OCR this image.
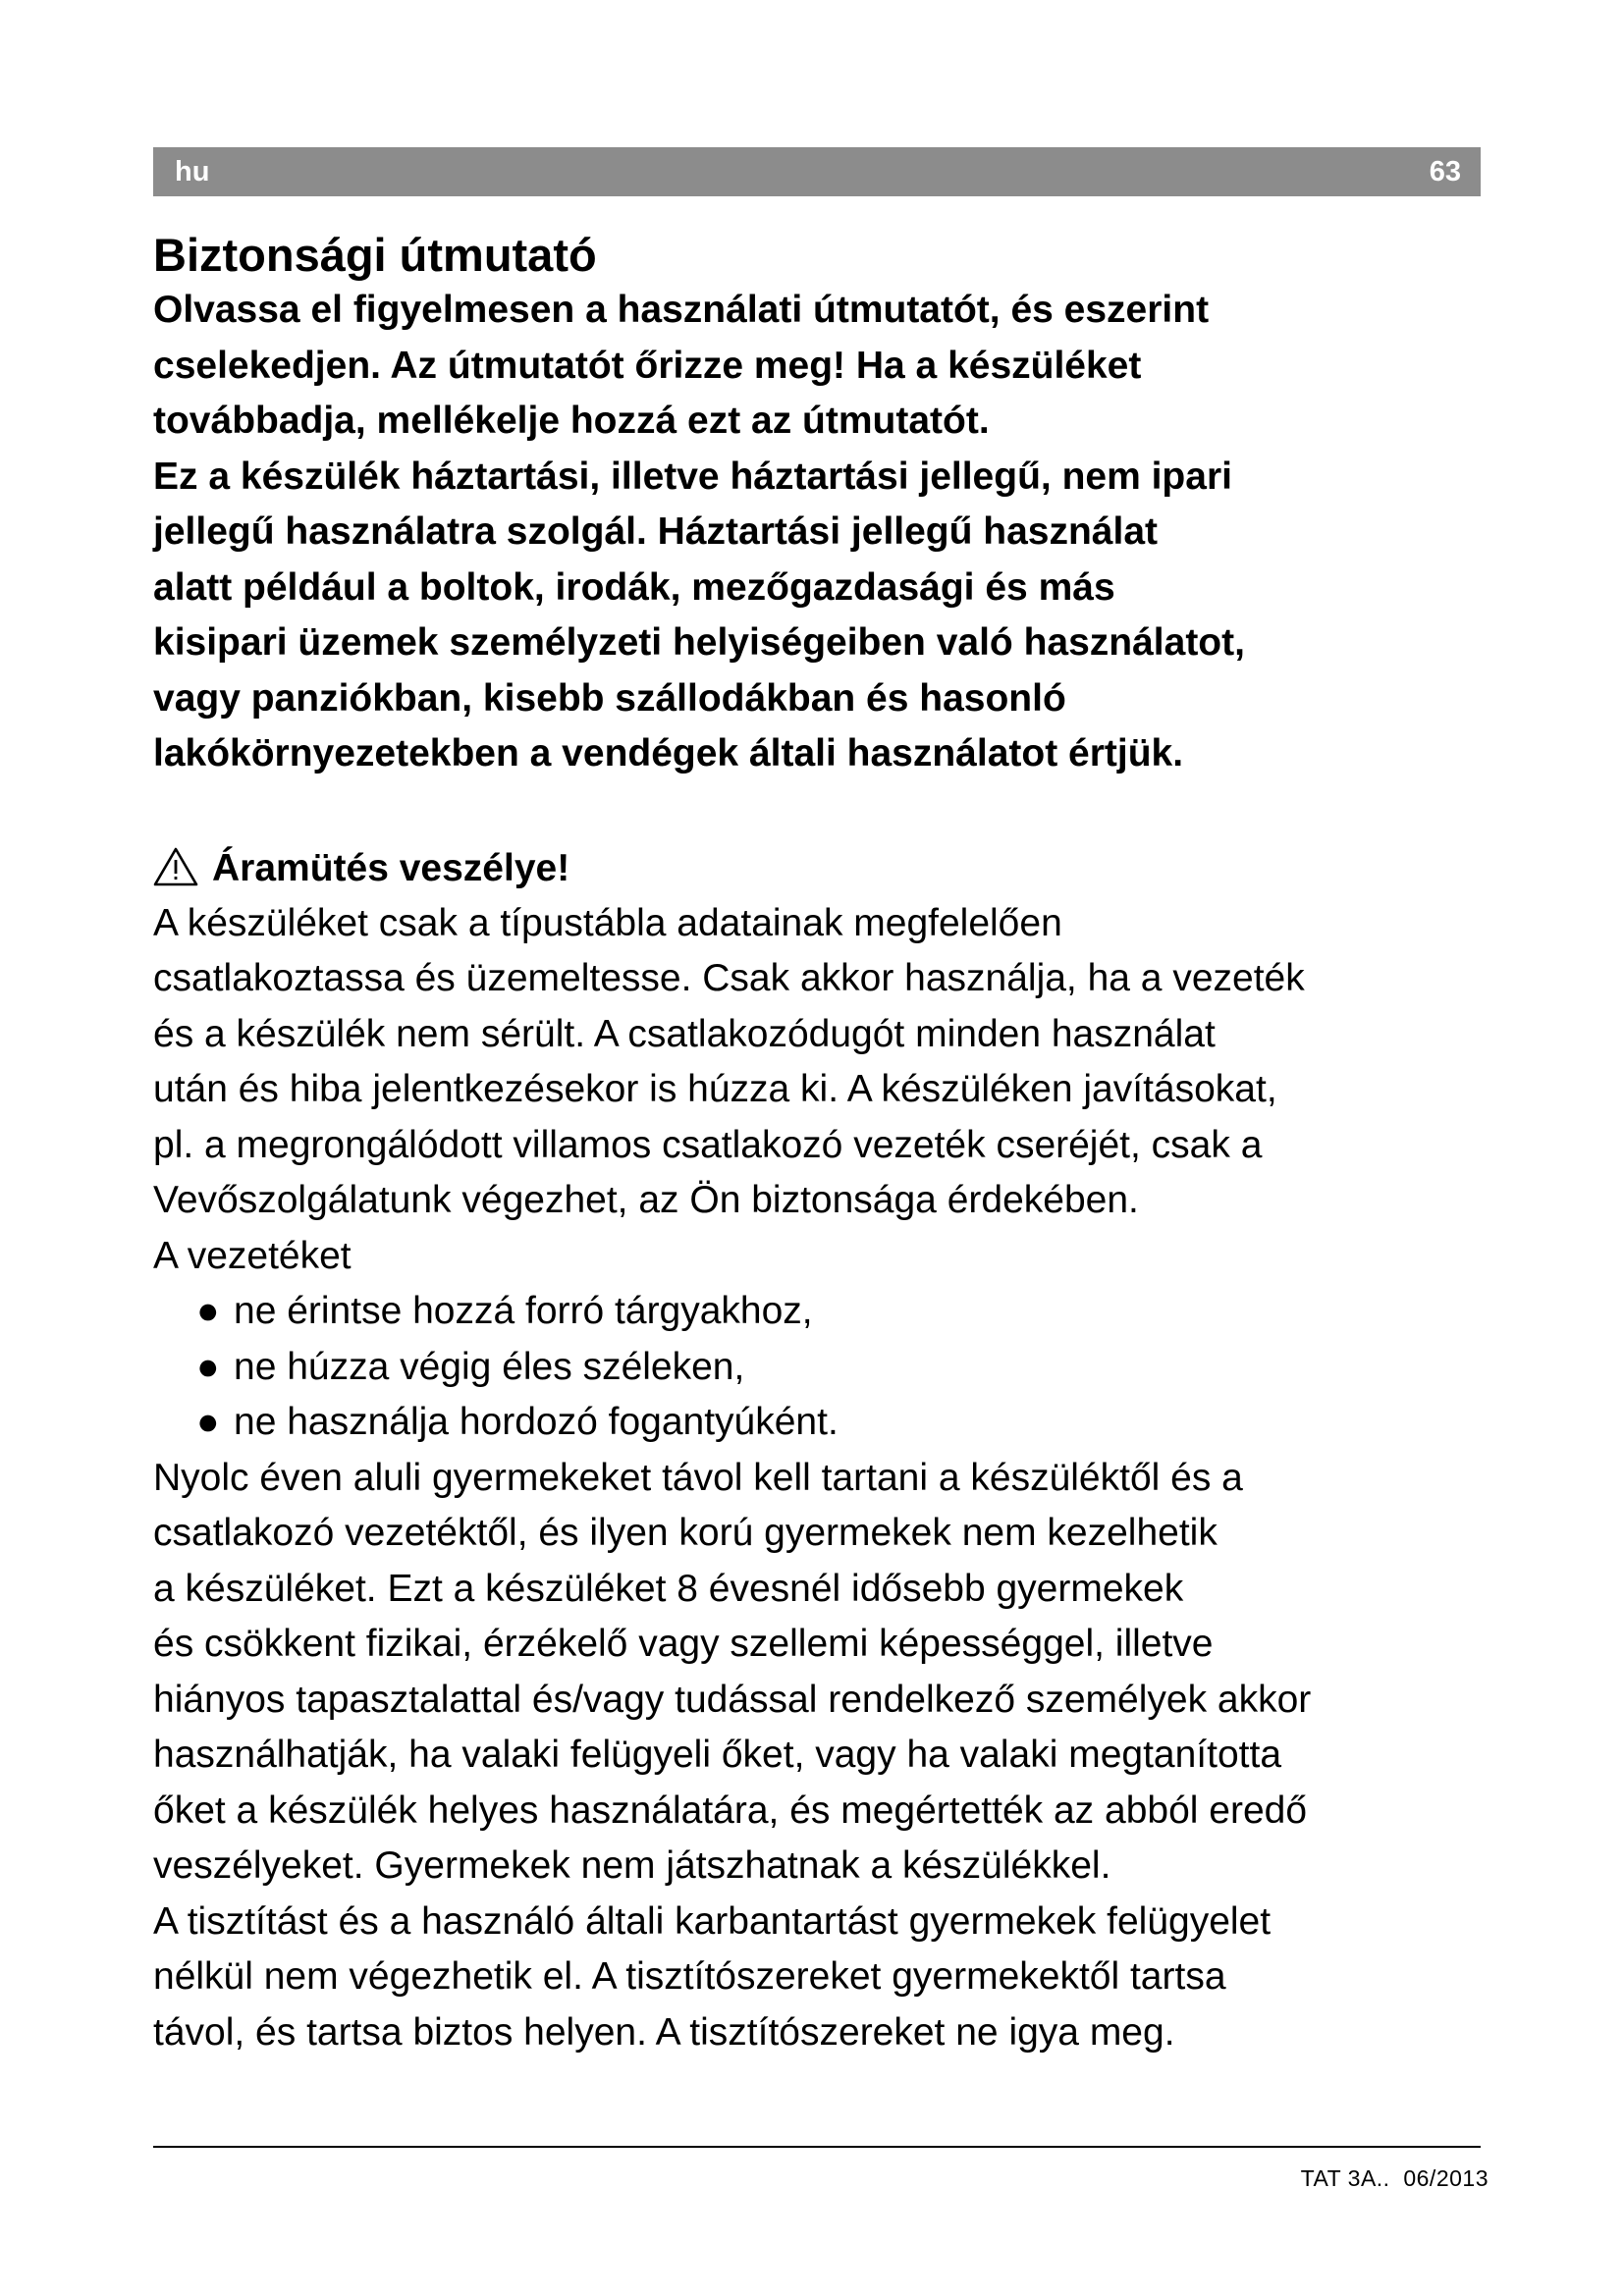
hu	63
Biztonsági útmutató
Olvassa el figyelmesen a használati útmutatót, és eszerint
cselekedjen. Az útmutatót őrizze meg! Ha a készüléket
továbbadja, mellékelje hozzá ezt az útmutatót.
Ez a készülék háztartási, illetve háztartási jellegű, nem ipari
jellegű használatra szolgál. Háztartási jellegű használat
alatt például a boltok, irodák, mezőgazdasági és más
kisipari üzemek személyzeti helyiségeiben való használatot,
vagy panziókban, kisebb szállodákban és hasonló
lakókörnyezetekben a vendégek általi használatot értjük.
Áramütés veszélye!
A készüléket csak a típustábla adatainak megfelelően
csatlakoztassa és üzemeltesse. Csak akkor használja, ha a vezeték
és a készülék nem sérült. A csatlakozódugót minden használat
után és hiba jelentkezésekor is húzza ki. A készüléken javításokat,
pl. a megrongálódott villamos csatlakozó vezeték cseréjét, csak a
Vevőszolgálatunk végezhet, az Ön biztonsága érdekében.
A vezetéket
● ne érintse hozzá forró tárgyakhoz,
● ne húzza végig éles széleken,
● ne használja hordozó fogantyúként.
Nyolc éven aluli gyermekeket távol kell tartani a készüléktől és a
csatlakozó vezetéktől, és ilyen korú gyermekek nem kezelhetik
a készüléket. Ezt a készüléket 8 évesnél idősebb gyermekek
és csökkent fizikai, érzékelő vagy szellemi képességgel, illetve
hiányos tapasztalattal és/vagy tudással rendelkező személyek akkor
használhatják, ha valaki felügyeli őket, vagy ha valaki megtanította
őket a készülék helyes használatára, és megértették az abból eredő
veszélyeket. Gyermekek nem játszhatnak a készülékkel.
A tisztítást és a használó általi karbantartást gyermekek felügyelet
nélkül nem végezhetik el. A tisztítószereket gyermekektől tartsa
távol, és tartsa biztos helyen. A tisztítószereket ne igya meg.
TAT 3A..  06/2013
